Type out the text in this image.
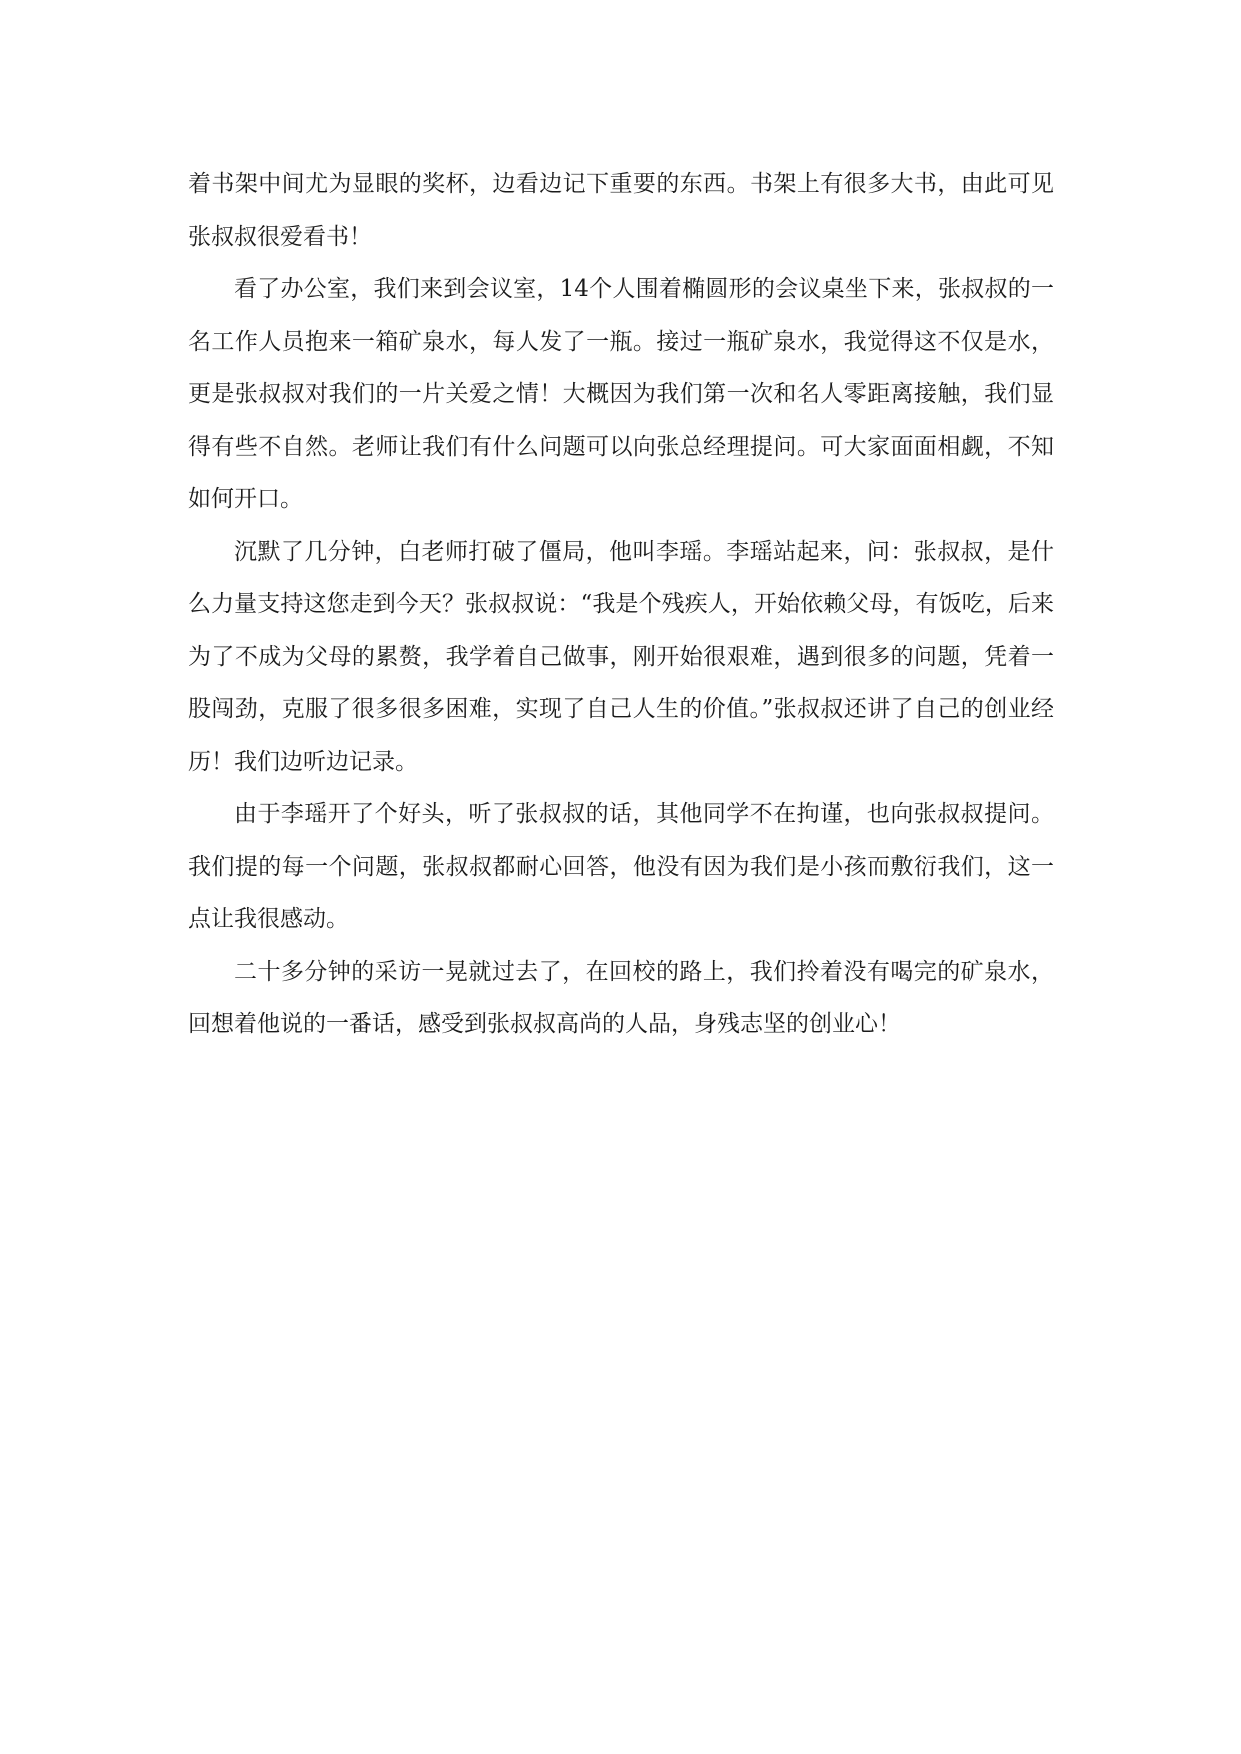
着书架中间尤为显眼的奖杯，边看边记下重要的东西。书架上有很多大书，由此可见张叔叔很爱看书！

看了办公室，我们来到会议室，14个人围着椭圆形的会议桌坐下来，张叔叔的一名工作人员抱来一箱矿泉水，每人发了一瓶。接过一瓶矿泉水，我觉得这不仅是水，更是张叔叔对我们的一片关爱之情！大概因为我们第一次和名人零距离接触，我们显得有些不自然。老师让我们有什么问题可以向张总经理提问。可大家面面相觑，不知如何开口。

沉默了几分钟，白老师打破了僵局，他叫李瑶。李瑶站起来，问：张叔叔，是什么力量支持这您走到今天？张叔叔说：“我是个残疾人，开始依赖父母，有饭吃，后来为了不成为父母的累赘，我学着自己做事，刚开始很艰难，遇到很多的问题，凭着一股闯劲，克服了很多很多困难，实现了自己人生的价值。”张叔叔还讲了自己的创业经历！我们边听边记录。

由于李瑶开了个好头，听了张叔叔的话，其他同学不在拘谨，也向张叔叔提问。我们提的每一个问题，张叔叔都耐心回答，他没有因为我们是小孩而敷衍我们，这一点让我很感动。

二十多分钟的采访一晃就过去了，在回校的路上，我们拎着没有喝完的矿泉水，回想着他说的一番话，感受到张叔叔高尚的人品，身残志坚的创业心！
